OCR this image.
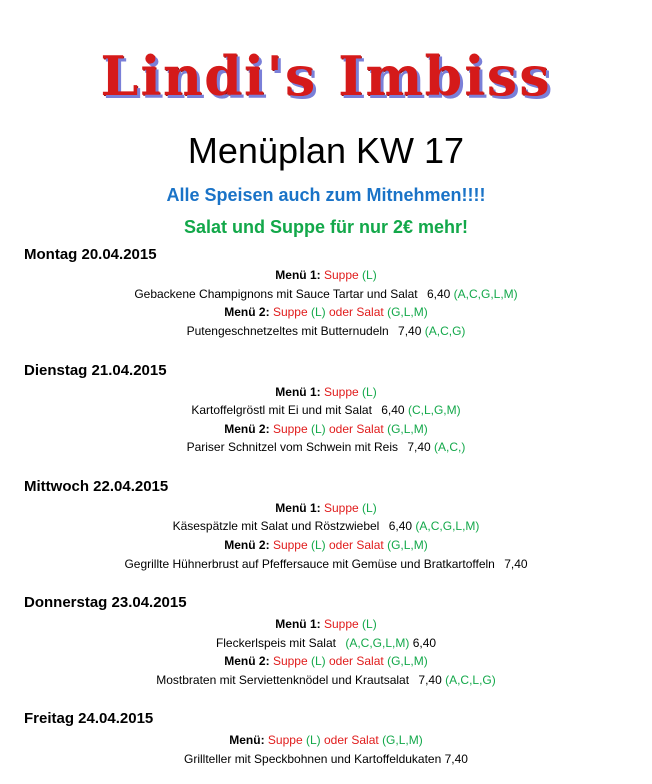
Lindi's Imbiss
Menüplan KW 17
Alle Speisen auch zum Mitnehmen!!!!
Salat und Suppe für nur 2€ mehr!
Montag 20.04.2015
Menü 1: Suppe (L)
Gebackene Champignons mit Sauce Tartar und Salat 6,40 (A,C,G,L,M)
Menü 2: Suppe (L) oder Salat (G,L,M)
Putengeschnetzeltes mit Butternudeln 7,40 (A,C,G)
Dienstag 21.04.2015
Menü 1: Suppe (L)
Kartoffelgröstl mit Ei und mit Salat 6,40 (C,L,G,M)
Menü 2: Suppe (L) oder Salat (G,L,M)
Pariser Schnitzel vom Schwein mit Reis 7,40 (A,C,)
Mittwoch 22.04.2015
Menü 1: Suppe (L)
Käsespätzle mit Salat und Röstzwiebel 6,40 (A,C,G,L,M)
Menü 2: Suppe (L) oder Salat (G,L,M)
Gegrillte Hühnerbrust auf Pfeffersauce mit Gemüse und Bratkartoffeln 7,40
Donnerstag 23.04.2015
Menü 1: Suppe (L)
Fleckerlspeis mit Salat (A,C,G,L,M) 6,40
Menü 2: Suppe (L) oder Salat (G,L,M)
Mostbraten mit Serviettenknödel und Krautsalat 7,40 (A,C,L,G)
Freitag 24.04.2015
Menü: Suppe (L) oder Salat (G,L,M)
Grillteller mit Speckbohnen und Kartoffeldukaten 7,40
